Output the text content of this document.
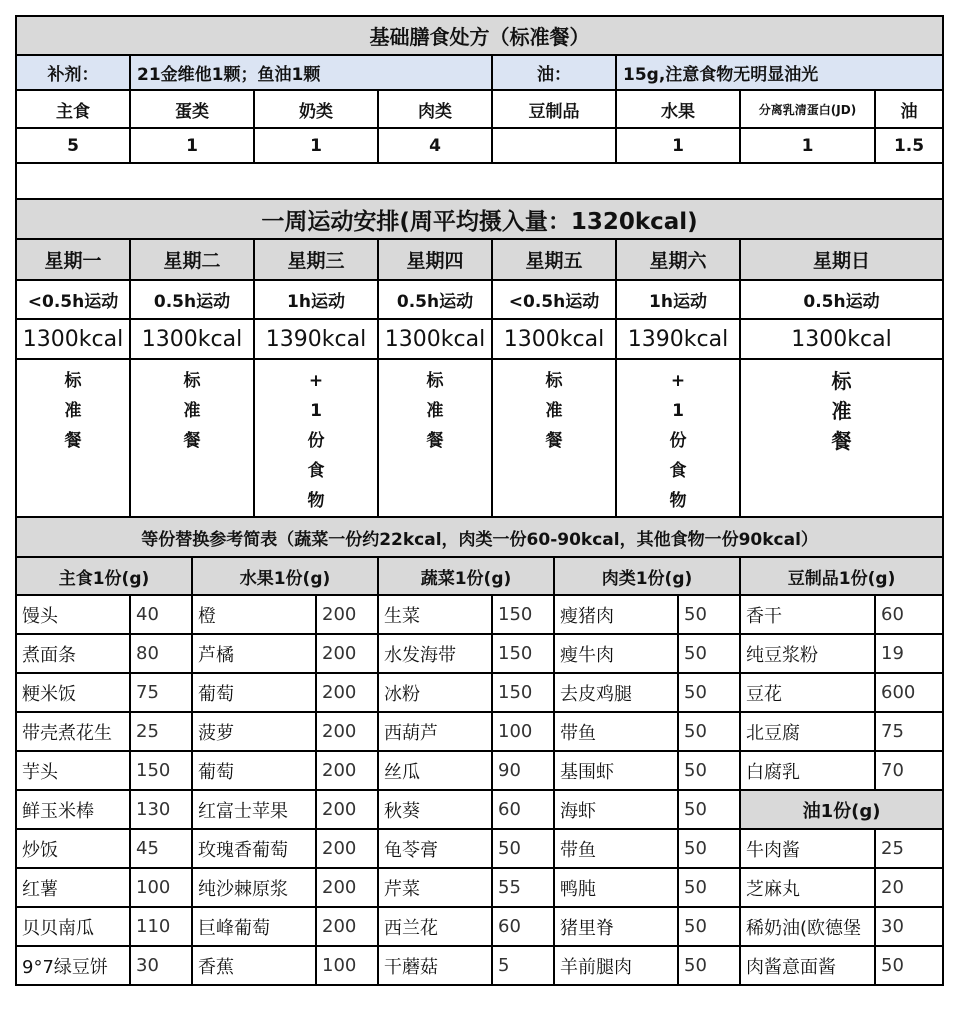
基础膳食处方（标准餐）							
补剂：	21金维他1颗；鱼油1颗			油：	15g,注意食物无明显油光		
主食	蛋类	奶类	肉类	豆制品	水果	分离乳清蛋白(JD)	油
5	1	1	4		1	1	1.5

一周运动安排(周平均摄入量：1320kcal)						
星期一	星期二	星期三	星期四	星期五	星期六	星期日
<0.5h运动	0.5h运动	1h运动	0.5h运动	<0.5h运动	1h运动	0.5h运动
1300kcal	1300kcal	1390kcal	1300kcal	1300kcal	1390kcal	1300kcal

标
准
餐	标
准
餐	+
1
份
食
物	标
准
餐	标
准
餐	+
1
份
食
物	标
准
餐
等份替换参考简表（蔬菜一份约22kcal，肉类一份60-90kcal，其他食物一份90kcal）									
主食1份(g)		水果1份(g)		蔬菜1份(g)		肉类1份(g)		豆制品1份(g)	
馒头	40	橙	200	生菜	150	瘦猪肉	50	香干	60
煮面条	80	芦橘	200	水发海带	150	瘦牛肉	50	纯豆浆粉	19
粳米饭	75	葡萄	200	冰粉	150	去皮鸡腿	50	豆花	600
带壳煮花生	25	菠萝	200	西葫芦	100	带鱼	50	北豆腐	75
芋头	150	葡萄	200	丝瓜	90	基围虾	50	白腐乳	70
鲜玉米棒	130	红富士苹果	200	秋葵	60	海虾	50	油1份(g)	
炒饭	45	玫瑰香葡萄	200	龟苓膏	50	带鱼	50	牛肉酱	25
红薯	100	纯沙棘原浆	200	芹菜	55	鸭肫	50	芝麻丸	20
贝贝南瓜	110	巨峰葡萄	200	西兰花	60	猪里脊	50	稀奶油(欧德堡	30
9°7绿豆饼	30	香蕉	100	干蘑菇	5	羊前腿肉	50	肉酱意面酱	50
